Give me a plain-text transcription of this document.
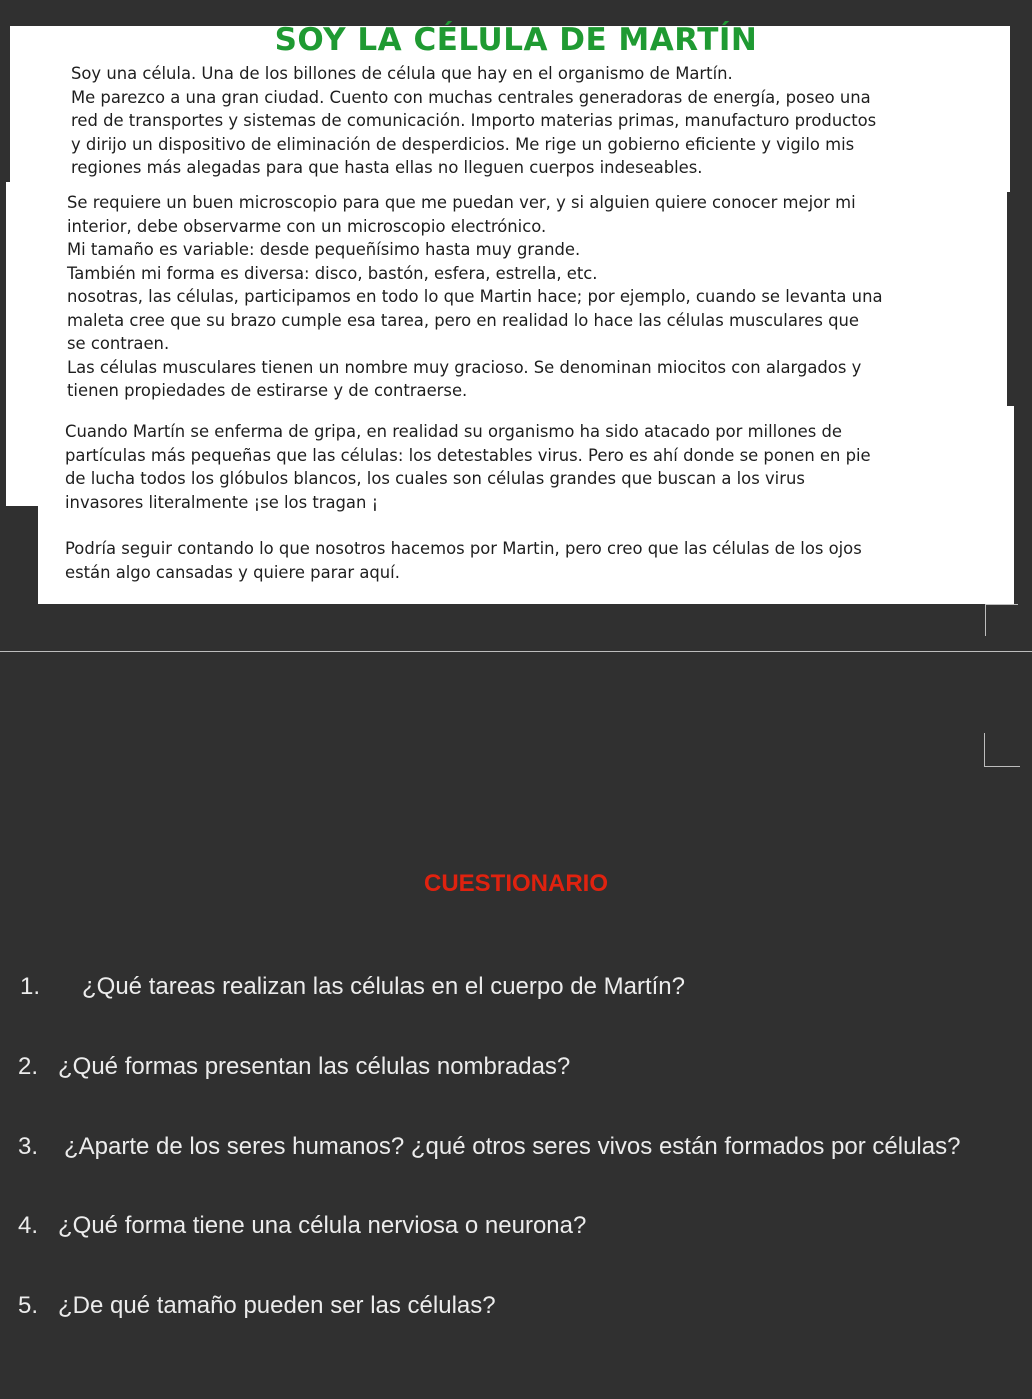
SOY LA CÉLULA DE MARTÍN

Soy una célula. Una de los billones de célula que hay en el organismo de Martín.
Me parezco a una gran ciudad. Cuento con muchas centrales generadoras de energía, poseo una
red de transportes y sistemas de comunicación. Importo materias primas, manufacturo productos
y dirijo un dispositivo de eliminación de desperdicios. Me rige un gobierno eficiente y vigilo mis
regiones más alegadas para que hasta ellas no lleguen cuerpos indeseables.

Se requiere un buen microscopio para que me puedan ver, y si alguien quiere conocer mejor mi
interior, debe observarme con un microscopio electrónico.
Mi tamaño es variable: desde pequeñísimo hasta muy grande.
También mi forma es diversa: disco, bastón, esfera, estrella, etc.
nosotras, las células, participamos en todo lo que Martin hace; por ejemplo, cuando se levanta una
maleta cree que su brazo cumple esa tarea, pero en realidad lo hace las células musculares que
se contraen.
Las células musculares tienen un nombre muy gracioso. Se denominan miocitos con alargados y
tienen propiedades de estirarse y de contraerse.

Cuando Martín se enferma de gripa, en realidad su organismo ha sido atacado por millones de
partículas más pequeñas que las células: los detestables virus. Pero es ahí donde se ponen en pie
de lucha todos los glóbulos blancos, los cuales son células grandes que buscan a los virus
invasores literalmente ¡se los tragan ¡

Podría seguir contando lo que nosotros hacemos por Martin, pero creo que las células de los ojos
están algo cansadas y quiere parar aquí.

CUESTIONARIO

1. ¿Qué tareas realizan las células en el cuerpo de Martín?

2. ¿Qué formas presentan las células nombradas?

3. ¿Aparte de los seres humanos? ¿qué otros seres vivos están formados por células?

4. ¿Qué forma tiene una célula nerviosa o neurona?

5. ¿De qué tamaño pueden ser las células?
